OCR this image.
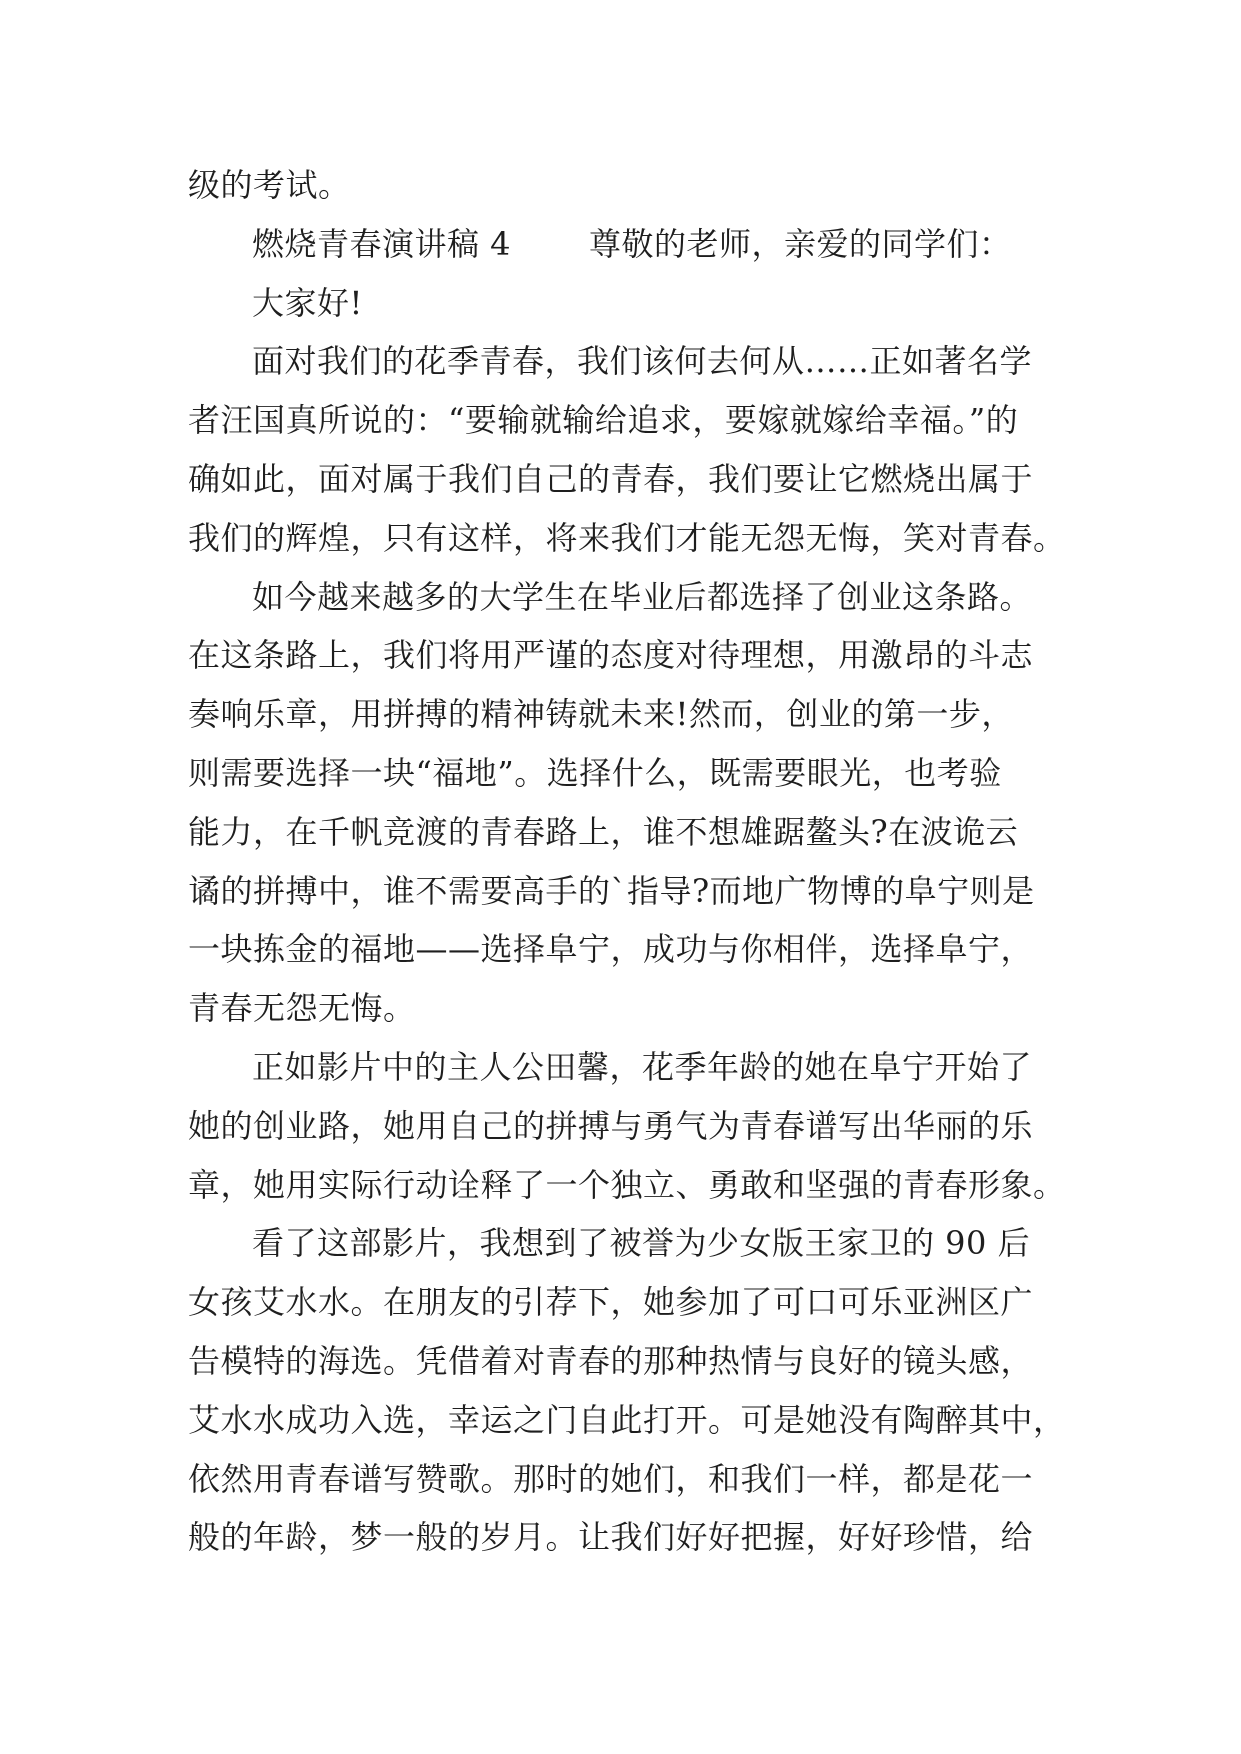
级的考试。
燃烧青春演讲稿 4 尊敬的老师，亲爱的同学们：
大家好!
面对我们的花季青春，我们该何去何从……正如著名学
者汪国真所说的：“要输就输给追求，要嫁就嫁给幸福。”的
确如此，面对属于我们自己的青春，我们要让它燃烧出属于
我们的辉煌，只有这样，将来我们才能无怨无悔，笑对青春。
如今越来越多的大学生在毕业后都选择了创业这条路。
在这条路上，我们将用严谨的态度对待理想，用激昂的斗志
奏响乐章，用拼搏的精神铸就未来!然而，创业的第一步，
则需要选择一块“福地”。选择什么，既需要眼光，也考验
能力，在千帆竞渡的青春路上，谁不想雄踞鳌头?在波诡云
谲的拼搏中，谁不需要高手的`指导?而地广物博的阜宁则是
一块拣金的福地——选择阜宁，成功与你相伴，选择阜宁，
青春无怨无悔。
正如影片中的主人公田馨，花季年龄的她在阜宁开始了
她的创业路，她用自己的拼搏与勇气为青春谱写出华丽的乐
章，她用实际行动诠释了一个独立、勇敢和坚强的青春形象。
看了这部影片，我想到了被誉为少女版王家卫的 90 后
女孩艾水水。在朋友的引荐下，她参加了可口可乐亚洲区广
告模特的海选。凭借着对青春的那种热情与良好的镜头感，
艾水水成功入选，幸运之门自此打开。可是她没有陶醉其中，
依然用青春谱写赞歌。那时的她们，和我们一样，都是花一
般的年龄，梦一般的岁月。让我们好好把握，好好珍惜，给
